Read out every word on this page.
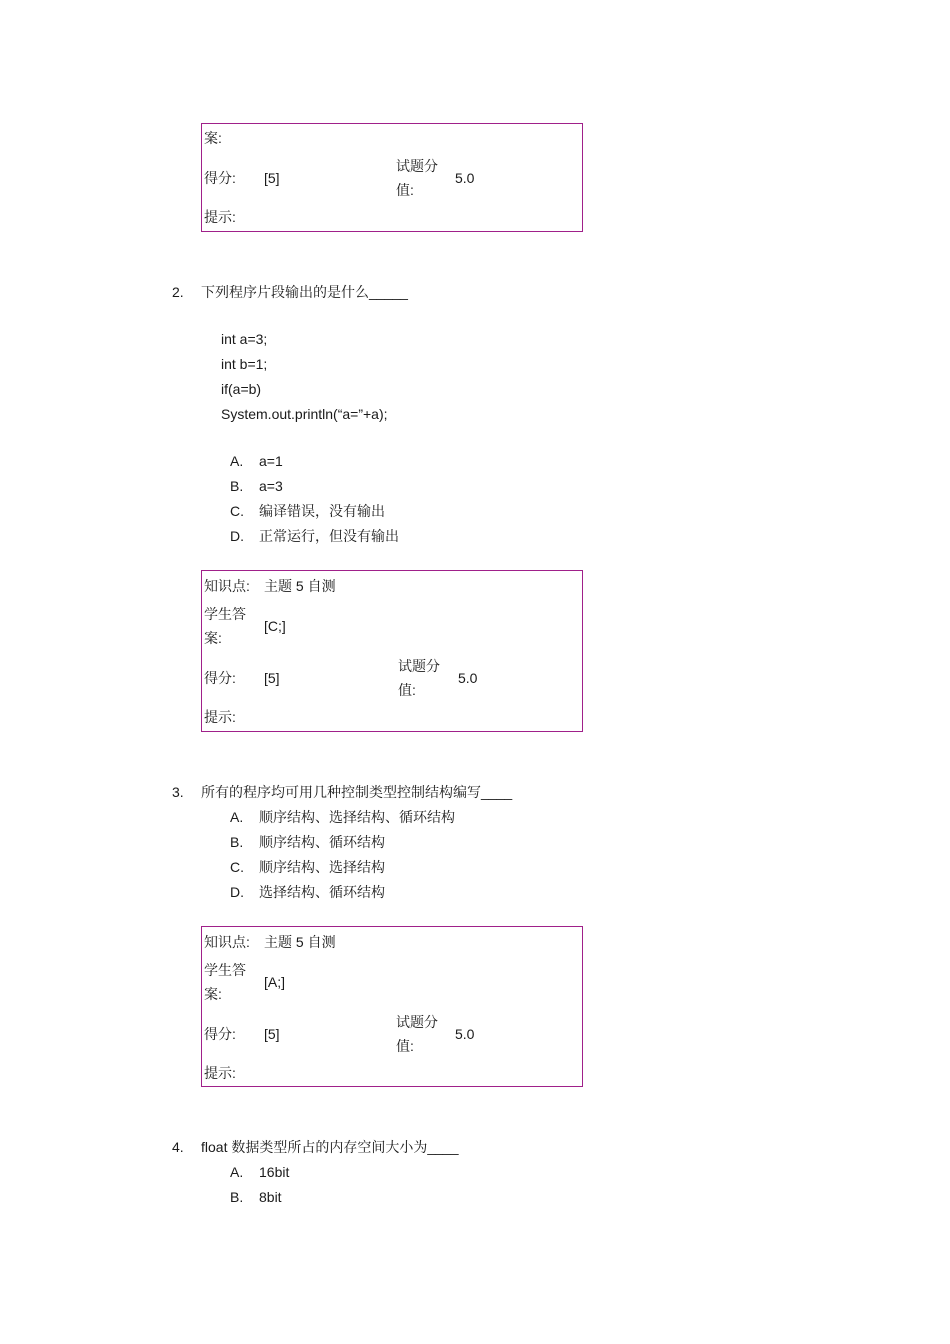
案:
得分: [5]
试题分
值:
5.0
提示:
2. 下列程序片段输出的是什么_____
int a=3;
int b=1;
if(a=b)
System.out.println(“a=”+a);
A. a=1
B. a=3
C. 编译错误，没有输出
D. 正常运行，但没有输出
知识点: 主题 5 自测
学生答
案:
[C;]
得分: [5]
试题分
值:
5.0
提示:
3. 所有的程序均可用几种控制类型控制结构编写____
A. 顺序结构、选择结构、循环结构
B. 顺序结构、循环结构
C. 顺序结构、选择结构
D. 选择结构、循环结构
知识点: 主题 5 自测
学生答
案:
[A;]
得分: [5]
试题分
值:
5.0
提示:
4. float 数据类型所占的内存空间大小为____
A. 16bit
B. 8bit
